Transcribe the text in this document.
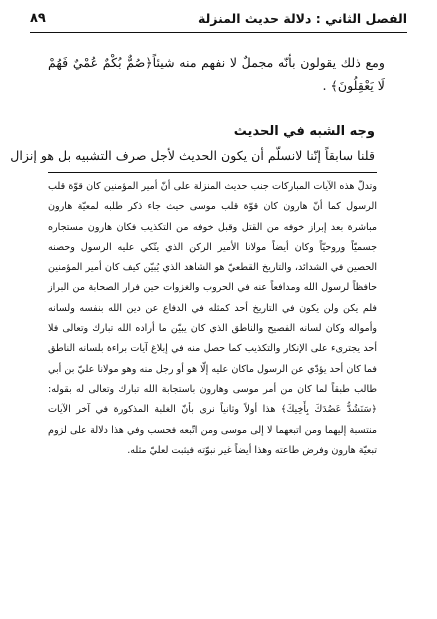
الفصل الثاني : دلالة حديث المنزلة
٨٩

ومع ذلك يقولون بأنّه مجملٌ لا نفهم منه شيئاً﴿صُمٌّ بُكْمٌ عُمْيٌ فَهُمْ لَا يَعْقِلُونَ﴾ .

وجه الشبه في الحديث
قلنا سابقاً إنّنا لانسلّم أن يكون الحديث لأجل صرف التشبيه بل هو إنزال

وتدلّ هذه الآيات المباركات جنب حديث المنزلة على أنّ أمير المؤمنين كان قوّة قلب الرسول كما أنّ هارون كان قوّة قلب موسى حيث جاء ذكر طلبه لمعيّة هارون مباشرة بعد إبراز خوفه من القتل وقبل خوفه من التكذيب فكان هارون مستجاره جسميّاً وروحيّاً وكان أيضاً مولانا الأمير الركن الذي يتّكي عليه الرسول وحصنه الحصين في الشدائد، والتاريخ القطعيّ هو الشاهد الذي يُبيّن كيف كان أمير المؤمنين حافظاً لرسول الله ومدافعاً عنه في الحروب والغزوات حين فرار الصحابة من البراز فلم يكن ولن يكون في التاريخ أحد كمثله في الدفاع عن دين الله بنفسه ولسانه وأمواله وكان لسانه الفصيح والناطق الذي كان يبيّن ما أراده الله تبارك وتعالى فلا أحد يجترىء على الإنكار والتكذيب كما حصل منه في إبلاغ آيات براءة بلسانه الناطق فما كان أحد يؤدّي عن الرسول ماكان عليه إلّا هو أو رجل منه وهو مولانا عليّ بن أبي طالب طبقاً لما كان من أمر موسى وهارون باستجابة الله تبارك وتعالى له بقوله: ﴿سَنَشُدُّ عَضُدَكَ بِأَخِيكَ﴾ هذا أولاً وثانياً نرى بأنّ الغلبة المذكورة في آخر الآيات منتسبة إليهما ومن اتبعهما لا إلى موسى ومن اتّبعه فحسب وفي هذا دلالة على لزوم تبعيّة هارون وفرض طاعته وهذا أيضاً غير نبوّته فيثبت لعليّ مثله.
